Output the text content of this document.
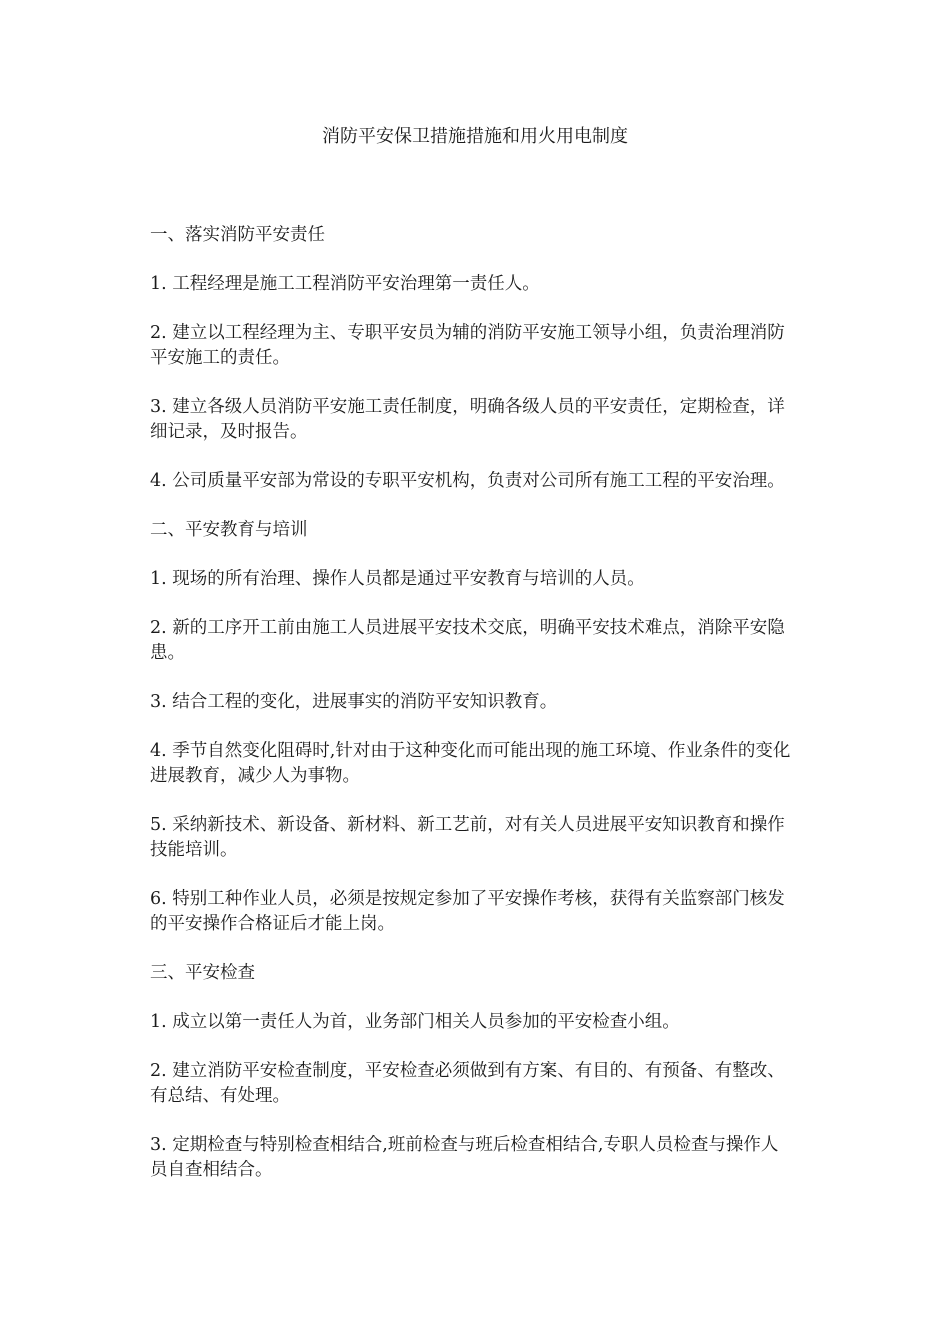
消防平安保卫措施措施和用火用电制度

一、落实消防平安责任

1. 工程经理是施工工程消防平安治理第一责任人。

2. 建立以工程经理为主、专职平安员为辅的消防平安施工领导小组，负责治理消防平安施工的责任。

3. 建立各级人员消防平安施工责任制度，明确各级人员的平安责任，定期检查，详细记录，及时报告。

4. 公司质量平安部为常设的专职平安机构，负责对公司所有施工工程的平安治理。

二、平安教育与培训

1. 现场的所有治理、操作人员都是通过平安教育与培训的人员。

2. 新的工序开工前由施工人员进展平安技术交底，明确平安技术难点，消除平安隐患。

3. 结合工程的变化，进展事实的消防平安知识教育。

4. 季节自然变化阻碍时,针对由于这种变化而可能出现的施工环境、作业条件的变化进展教育，减少人为事物。

5. 采纳新技术、新设备、新材料、新工艺前，对有关人员进展平安知识教育和操作技能培训。

6. 特别工种作业人员，必须是按规定参加了平安操作考核，获得有关监察部门核发的平安操作合格证后才能上岗。

三、平安检查

1. 成立以第一责任人为首，业务部门相关人员参加的平安检查小组。

2. 建立消防平安检查制度，平安检查必须做到有方案、有目的、有预备、有整改、有总结、有处理。

3. 定期检查与特别检查相结合,班前检查与班后检查相结合,专职人员检查与操作人员自查相结合。
